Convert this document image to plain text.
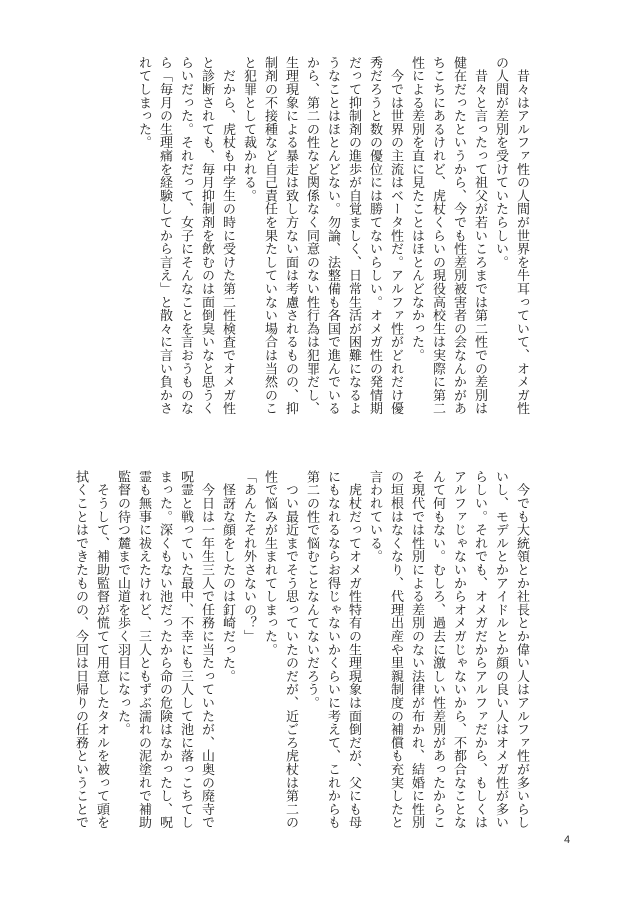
　昔々はアルファ性の人間が世界を牛耳っていて、オメガ性
の人間が差別を受けていたらしい。
　昔々と言ったって祖父が若いころまでは第二性での差別は
健在だったというから、今でも性差別被害者の会なんかがあ
ちこちにあるけれど、虎杖くらいの現役高校生は実際に第二
性による差別を直に見たことはほとんどなかった。
　今では世界の主流はベータ性だ。アルファ性がどれだけ優
秀だろうと数の優位には勝てないらしい。オメガ性の発情期
だって抑制剤の進歩が自覚ましく、日常生活が困難になるよ
うなことはほとんどない。勿論、法整備も各国で進んでいる
から、第二の性など関係なく同意のない性行為は犯罪だし、
生理現象による暴走は致し方ない面は考慮されるものの、抑
制剤の不接種など自己責任を果たしていない場合は当然のこ
と犯罪として裁かれる。
　だから、虎杖も中学生の時に受けた第二性検査でオメガ性
と診断されても、毎月抑制剤を飲むのは面倒臭いなと思うく
らいだった。それだって、女子にそんなことを言おうものな
ら「毎月の生理痛を経験してから言え」と散々に言い負かさ
れてしまった。
　今でも大統領とか社長とか偉い人はアルファ性が多いらし
いし、モデルとかアイドルとか顔の良い人はオメガ性が多い
らしい。それでも、オメガだからアルファだから、もしくは
アルファじゃないからオメガじゃないから、不都合なことな
んて何もない。むしろ、過去に激しい性差別があったからこ
そ現代では性別による差別のない法律が布かれ、結婚に性別
の垣根はなくなり、代理出産や里親制度の補償も充実したと
言われている。
　虎杖だってオメガ性特有の生理現象は面倒だが、父にも母
にもなれるならお得じゃないかくらいに考えて、これからも
第二の性で悩むことなんてないだろう。
　つい最近までそう思っていたのだが、近ごろ虎杖は第二の
性で悩みが生まれてしまった。
「あんたそれ外さないの？」
　怪訝な顔をしたのは釘崎だった。
　今日は一年生三人で任務に当たっていたが、山奥の廃寺で
呪霊と戦っていた最中、不幸にも三人して池に落っこちてし
まった。深くもない池だったから命の危険はなかったし、呪
霊も無事に祓えたけれど、三人ともずぶ濡れの泥塗れで補助
監督の待つ麓まで山道を歩く羽目になった。
　そうして、補助監督が慌てて用意したタオルを被って頭を
拭くことはできたものの、今回は日帰りの任務ということで
4
